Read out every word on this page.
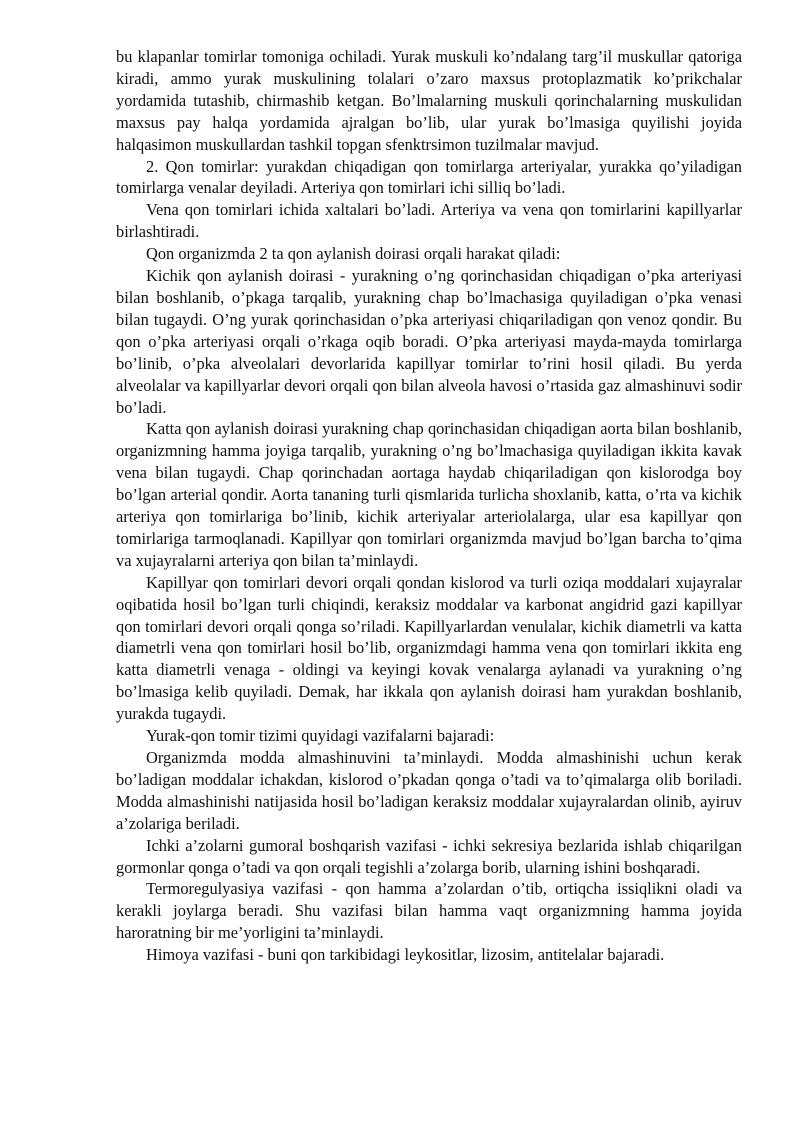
bu klapanlar tomirlar tomoniga ochiladi. Yurak muskuli ko’ndalang targ’il muskullar qatoriga kiradi, ammo yurak muskulining tolalari o’zaro maxsus protoplazmatik ko’prikchalar yordamida tutashib, chirmashib ketgan. Bo’lmalarning muskuli qorinchalarning muskulidan maxsus pay halqa yordamida ajralgan bo’lib, ular yurak bo’lmasiga quyilishi joyida halqasimon muskullardan tashkil topgan sfenktrsimon tuzilmalar mavjud.

2. Qon tomirlar: yurakdan chiqadigan qon tomirlarga arteriyalar, yurakka qo’yiladigan tomirlarga venalar deyiladi. Arteriya qon tomirlari ichi silliq bo’ladi.

Vena qon tomirlari ichida xaltalari bo’ladi. Arteriya va vena qon tomirlarini kapillyarlar birlashtiradi.

Qon organizmda 2 ta qon aylanish doirasi orqali harakat qiladi:

Kichik qon aylanish doirasi - yurakning o’ng qorinchasidan chiqadigan o’pka arteriyasi bilan boshlanib, o’pkaga tarqalib, yurakning chap bo’lmachasiga quyiladigan o’pka venasi bilan tugaydi. O’ng yurak qorinchasidan o’pka arteriyasi chiqariladigan qon venoz qondir. Bu qon o’pka arteriyasi orqali o’rkaga oqib boradi. O’pka arteriyasi mayda-mayda tomirlarga bo’linib, o’pka alveolalari devorlarida kapillyar tomirlar to’rini hosil qiladi. Bu yerda alveolalar va kapillyarlar devori orqali qon bilan alveola havosi o’rtasida gaz almashinuvi sodir bo’ladi.

Katta qon aylanish doirasi yurakning chap qorinchasidan chiqadigan aorta bilan boshlanib, organizmning hamma joyiga tarqalib, yurakning o’ng bo’lmachasiga quyiladigan ikkita kavak vena bilan tugaydi. Chap qorinchadan aortaga haydab chiqariladigan qon kislorodga boy bo’lgan arterial qondir. Aorta tananing turli qismlarida turlicha shoxlanib, katta, o’rta va kichik arteriya qon tomirlariga bo’linib, kichik arteriyalar arteriolalarga, ular esa kapillyar qon tomirlariga tarmoqlanadi. Kapillyar qon tomirlari organizmda mavjud bo’lgan barcha to’qima va xujayralarni arteriya qon bilan ta’minlaydi.

Kapillyar qon tomirlari devori orqali qondan kislorod va turli oziqa moddalari xujayralar oqibatida hosil bo’lgan turli chiqindi, keraksiz moddalar va karbonat angidrid gazi kapillyar qon tomirlari devori orqali qonga so’riladi. Kapillyarlardan venulalar, kichik diametrli va katta diametrli vena qon tomirlari hosil bo’lib, organizmdagi hamma vena qon tomirlari ikkita eng katta diametrli venaga - oldingi va keyingi kovak venalarga aylanadi va yurakning o’ng bo’lmasiga kelib quyiladi. Demak, har ikkala qon aylanish doirasi ham yurakdan boshlanib, yurakda tugaydi.

Yurak-qon tomir tizimi quyidagi vazifalarni bajaradi:

Organizmda modda almashinuvini ta’minlaydi. Modda almashinishi uchun kerak bo’ladigan moddalar ichakdan, kislorod o’pkadan qonga o’tadi va to’qimalarga olib boriladi. Modda almashinishi natijasida hosil bo’ladigan keraksiz moddalar xujayralardan olinib, ayiruv a’zolariga beriladi.

Ichki a’zolarni gumoral boshqarish vazifasi - ichki sekresiya bezlarida ishlab chiqarilgan gormonlar qonga o’tadi va qon orqali tegishli a’zolarga borib, ularning ishini boshqaradi.

Termoregulyasiya vazifasi - qon hamma a’zolardan o’tib, ortiqcha issiqlikni oladi va kerakli joylarga beradi. Shu vazifasi bilan hamma vaqt organizmning hamma joyida haroratning bir me’yorligini ta’minlaydi.

Himoya vazifasi - buni qon tarkibidagi leykositlar, lizosim, antitelalar bajaradi.
